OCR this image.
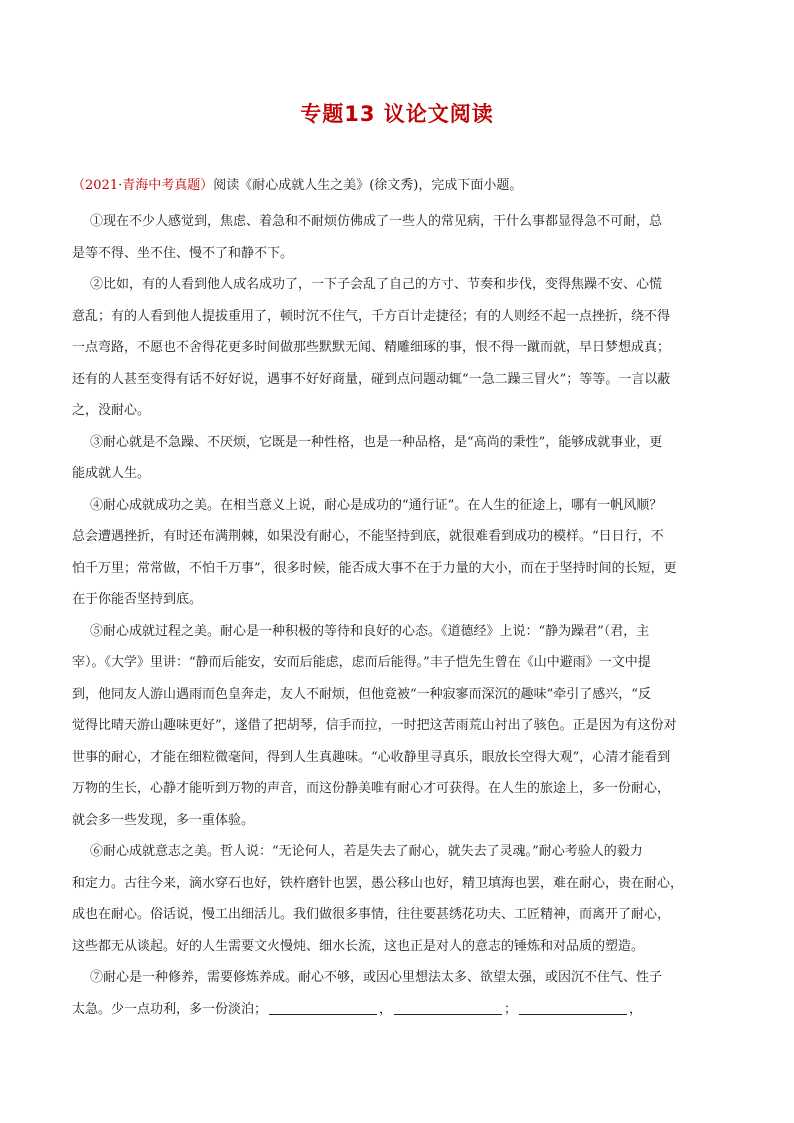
专题13 议论文阅读
（2021·青海中考真题）阅读《耐心成就人生之美》(徐文秀)，完成下面小题。

①现在不少人感觉到，焦虑、着急和不耐烦仿佛成了一些人的常见病，干什么事都显得急不可耐，总
是等不得、坐不住、慢不了和静不下。

②比如，有的人看到他人成名成功了，一下子会乱了自己的方寸、节奏和步伐，变得焦躁不安、心慌
意乱；有的人看到他人提拔重用了，顿时沉不住气，千方百计走捷径；有的人则经不起一点挫折，绕不得
一点弯路，不愿也不舍得花更多时间做那些默默无闻、精雕细琢的事，恨不得一蹴而就，早日梦想成真；
还有的人甚至变得有话不好好说，遇事不好好商量，碰到点问题动辄“一急二躁三冒火”；等等。一言以蔽
之，没耐心。

③耐心就是不急躁、不厌烦，它既是一种性格，也是一种品格，是“高尚的秉性”，能够成就事业，更
能成就人生。

④耐心成就成功之美。在相当意义上说，耐心是成功的“通行证”。在人生的征途上，哪有一帆风顺？
总会遭遇挫折，有时还布满荆棘，如果没有耐心，不能坚持到底，就很难看到成功的模样。“日日行，不
怕千万里；常常做，不怕千万事”，很多时候，能否成大事不在于力量的大小，而在于坚持时间的长短，更
在于你能否坚持到底。

⑤耐心成就过程之美。耐心是一种积极的等待和良好的心态。《道德经》上说：“静为躁君”（君，主
宰）。《大学》里讲：“静而后能安，安而后能虑，虑而后能得。”丰子恺先生曾在《山中避雨》一文中提
到，他同友人游山遇雨而色皇奔走，友人不耐烦，但他竟被“一种寂寥而深沉的趣味”牵引了感兴，“反
觉得比晴天游山趣味更好”，遂借了把胡琴，信手而拉，一时把这苦雨荒山衬出了骇色。正是因为有这份对
世事的耐心，才能在细粒微毫间，得到人生真趣味。“心收静里寻真乐，眼放长空得大观”，心清才能看到
万物的生长，心静才能听到万物的声音，而这份静美唯有耐心才可获得。在人生的旅途上，多一份耐心，
就会多一些发现，多一重体验。

⑥耐心成就意志之美。哲人说：“无论何人，若是失去了耐心，就失去了灵魂。”耐心考验人的毅力
和定力。古往今来，滴水穿石也好，铁杵磨针也罢，愚公移山也好，精卫填海也罢，难在耐心，贵在耐心，
成也在耐心。俗话说，慢工出细活儿。我们做很多事情，往往要甚绣花功夫、工匠精神，而离开了耐心，
这些都无从谈起。好的人生需要文火慢炖、细水长流，这也正是对人的意志的锤炼和对品质的塑造。

⑦耐心是一种修养，需要修炼养成。耐心不够，或因心里想法太多、欲望太强，或因沉不住气、性子
太急。少一点功利，多一份淡泊；	，	；	，
